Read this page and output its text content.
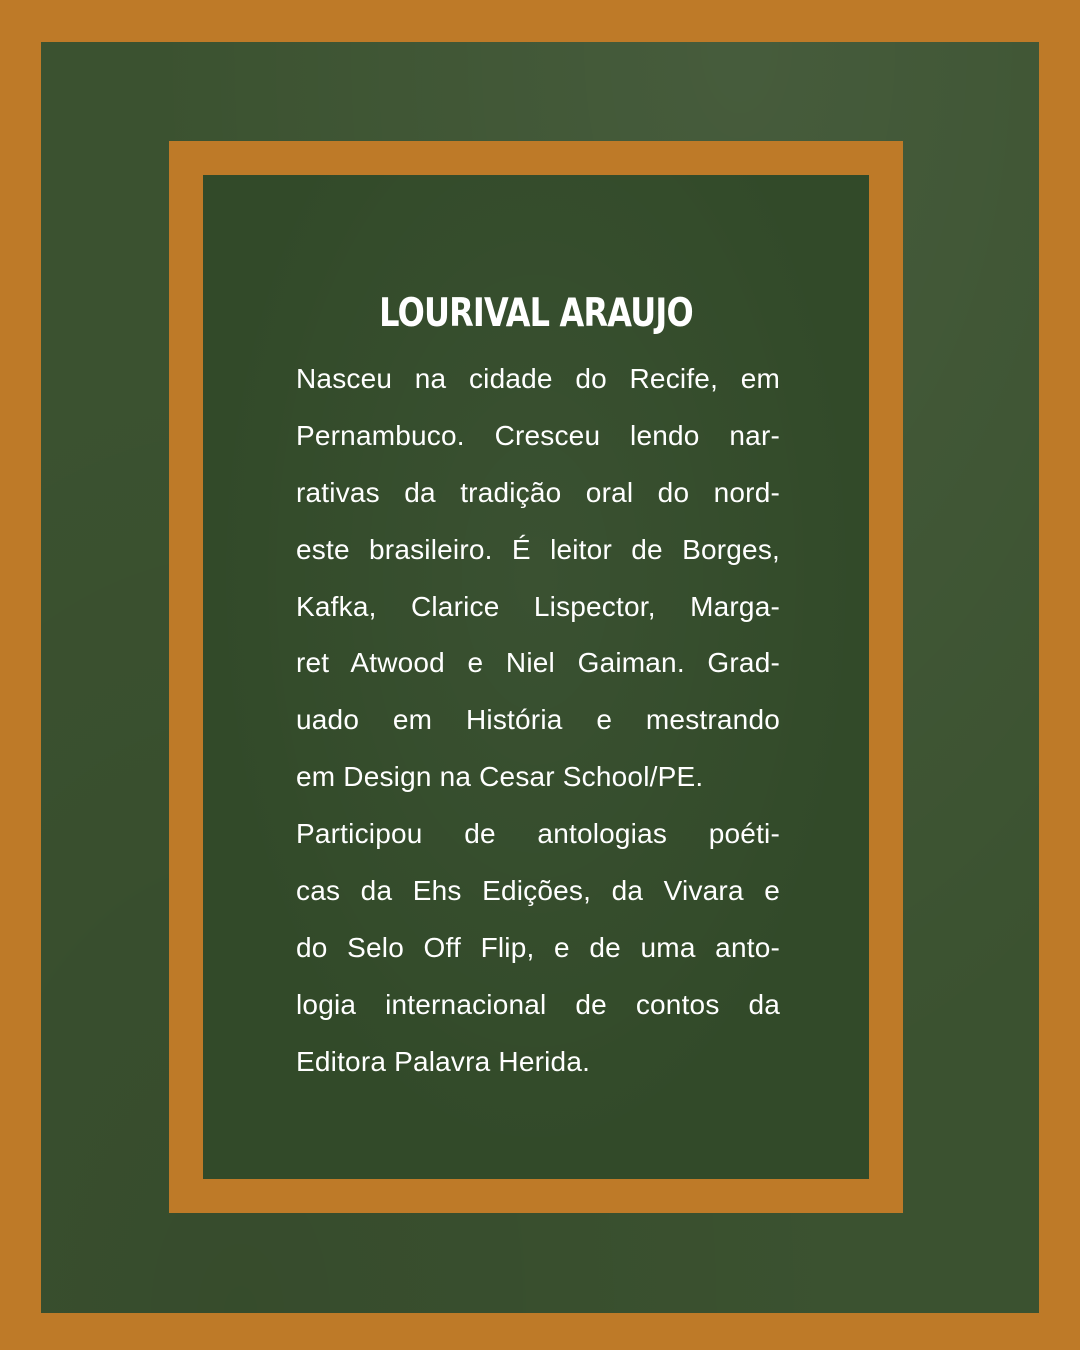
LOURIVAL ARAUJO
Nasceu na cidade do Recife, em
Pernambuco. Cresceu lendo nar-
rativas da tradição oral do nord-
este brasileiro. É leitor de Borges,
Kafka, Clarice Lispector, Marga-
ret Atwood e Niel Gaiman. Grad-
uado em História e mestrando
em Design na Cesar School/PE.
Participou de antologias poéti-
cas da Ehs Edições, da Vivara e
do Selo Off Flip, e de uma anto-
logia internacional de contos da
Editora Palavra Herida.
